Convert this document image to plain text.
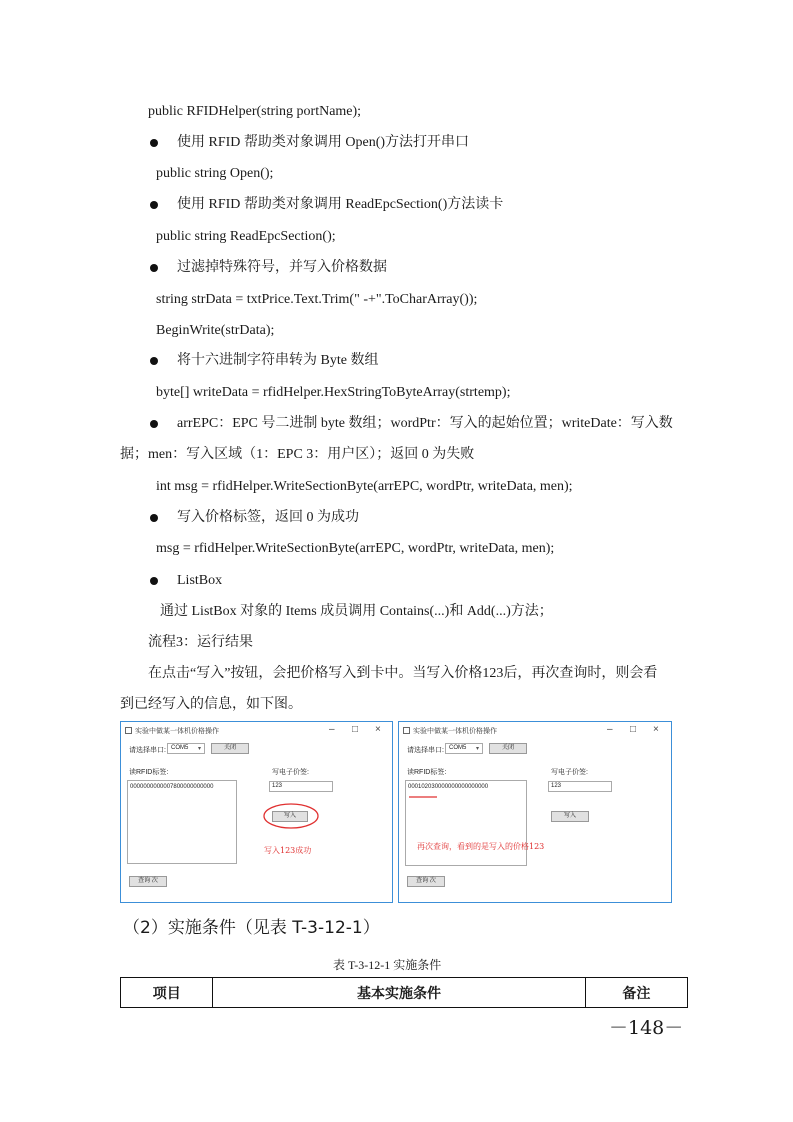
public RFIDHelper(string portName);
使用 RFID 帮助类对象调用 Open()方法打开串口
public string Open();
使用 RFID 帮助类对象调用 ReadEpcSection()方法读卡
public string ReadEpcSection();
过滤掉特殊符号，并写入价格数据
string strData = txtPrice.Text.Trim(" -+".ToCharArray());
BeginWrite(strData);
将十六进制字符串转为 Byte 数组
byte[] writeData = rfidHelper.HexStringToByteArray(strtemp);
arrEPC：EPC 号二进制 byte 数组；wordPtr：写入的起始位置；writeDate：写入数
据；men：写入区域（1：EPC 3：用户区）；返回 0 为失败
int msg = rfidHelper.WriteSectionByte(arrEPC, wordPtr, writeData, men);
写入价格标签，返回 0 为成功
msg = rfidHelper.WriteSectionByte(arrEPC, wordPtr, writeData, men);
ListBox
通过 ListBox 对象的 Items 成员调用 Contains(...)和 Add(...)方法；
流程3：运行结果
在点击“写入”按钮，会把价格写入到卡中。当写入价格123后，再次查询时，则会看
到已经写入的信息，如下图。
实验中做某一体机价格操作	– □ ×
请选择串口: COM5 ▾	关闭
读RFID标签:
0000000000007800000000000
写电子价签:
123
写入
写入123成功
查询 次
实验中做某一体机价格操作	– □ ×
请选择串口: COM5 ▾	关闭
读RFID标签:
000102030000000000000000
写电子价签:
123
写入
再次查询，看到的是写入的价格123
查询 次
（2）实施条件（见表 T-3-12-1）
表 T-3-12-1 实施条件
项目	基本实施条件	备注
－148－
